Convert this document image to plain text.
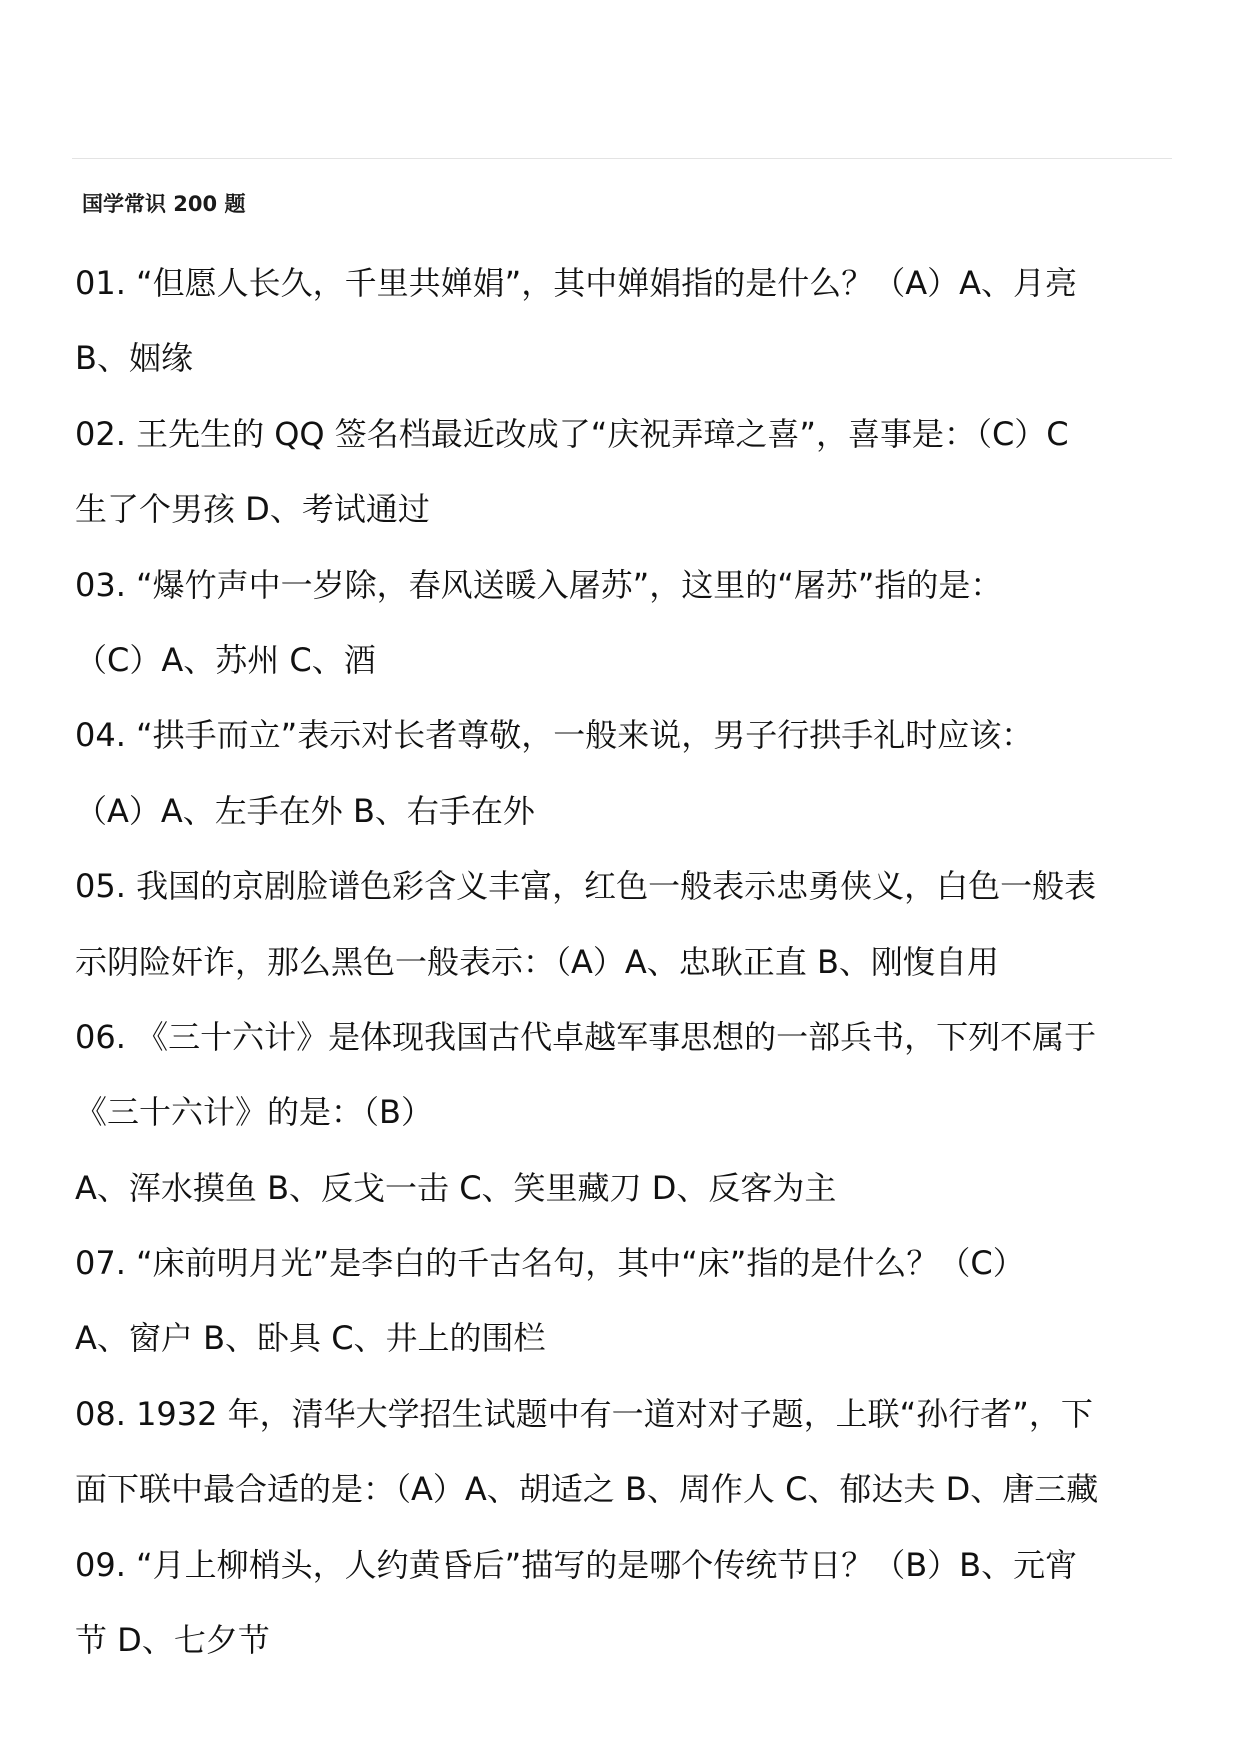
国学常识 200 题
01. “但愿人长久，千里共婵娟”，其中婵娟指的是什么？（A）A、月亮
B、姻缘
02. 王先生的 QQ 签名档最近改成了“庆祝弄璋之喜”，喜事是：（C）C
生了个男孩 D、考试通过
03. “爆竹声中一岁除，春风送暖入屠苏”，这里的“屠苏”指的是：
（C）A、苏州 C、酒
04. “拱手而立”表示对长者尊敬，一般来说，男子行拱手礼时应该：
（A）A、左手在外 B、右手在外
05. 我国的京剧脸谱色彩含义丰富，红色一般表示忠勇侠义，白色一般表
示阴险奸诈，那么黑色一般表示：（A）A、忠耿正直 B、刚愎自用
06. 《三十六计》是体现我国古代卓越军事思想的一部兵书，下列不属于
《三十六计》的是：（B）
A、浑水摸鱼 B、反戈一击 C、笑里藏刀 D、反客为主
07. “床前明月光”是李白的千古名句，其中“床”指的是什么？（C）
A、窗户 B、卧具 C、井上的围栏
08. 1932 年，清华大学招生试题中有一道对对子题，上联“孙行者”，下
面下联中最合适的是：（A）A、胡适之 B、周作人 C、郁达夫 D、唐三藏
09. “月上柳梢头，人约黄昏后”描写的是哪个传统节日？（B）B、元宵
节 D、七夕节
